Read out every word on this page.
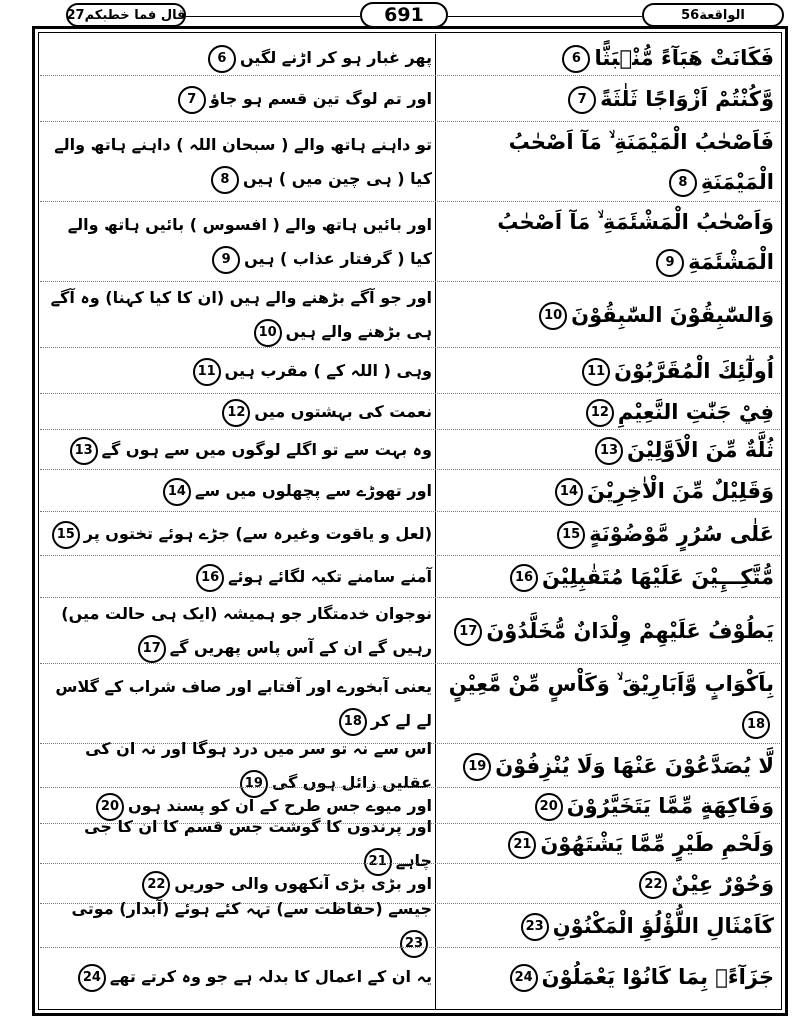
قال فما خطبكم27	691	الواقعة56
فَكَانَتْ هَبَآءً مُّنْۢبَثًّا6
پھر غبار ہو کر اڑنے لگیں6
وَّكُنْتُمْ اَزْوَاجًا ثَلٰثَةً7
اور تم لوگ تین قسم ہو جاؤ7
فَاَصْحٰبُ الْمَيْمَنَةِ ۙ مَآ اَصْحٰبُ الْمَيْمَنَةِ8
تو داہنے ہاتھ والے ( سبحان اللہ ) داہنے ہاتھ والے کیا ( ہی چین میں ) ہیں8
وَاَصْحٰبُ الْمَشْئَمَةِ ۙ مَآ اَصْحٰبُ الْمَشْئَمَةِ9
اور بائیں ہاتھ والے ( افسوس ) بائیں ہاتھ والے کیا ( گرفتار عذاب ) ہیں9
وَالسّٰبِقُوْنَ السّٰبِقُوْنَ10
اور جو آگے بڑھنے والے ہیں (ان کا کیا کہنا) وہ آگے ہی بڑھنے والے ہیں10
اُولٰٓئِكَ الْمُقَرَّبُوْنَ11
وہی ( اللہ کے ) مقرب ہیں11
فِيْ جَنّٰتِ النَّعِيْمِ12
نعمت کی بہشتوں میں12
ثُلَّةٌ مِّنَ الْاَوَّلِيْنَ13
وہ بہت سے تو اگلے لوگوں میں سے ہوں گے13
وَقَلِيْلٌ مِّنَ الْاٰخِرِيْنَ14
اور تھوڑے سے پچھلوں میں سے14
عَلٰى سُرُرٍ مَّوْضُوْنَةٍ15
(لعل و یاقوت وغیرہ سے) جڑے ہوئے تختوں پر15
مُّتَّكِـــِٕيْنَ عَلَيْهَا مُتَقٰبِلِيْنَ16
آمنے سامنے تکیہ لگائے ہوئے16
يَطُوْفُ عَلَيْهِمْ وِلْدَانٌ مُّخَلَّدُوْنَ17
نوجوان خدمتگار جو ہمیشہ (ایک ہی حالت میں) رہیں گے ان کے آس پاس پھریں گے17
بِاَكْوَابٍ وَّاَبَارِيْقَ ۙ وَكَاْسٍ مِّنْ مَّعِيْنٍ18
یعنی آبخورے اور آفتابے اور صاف شراب کے گلاس لے لے کر18
لَّا يُصَدَّعُوْنَ عَنْهَا وَلَا يُنْزِفُوْنَ19
اس سے نہ تو سر میں درد ہوگا اور نہ ان کی عقلیں زائل ہوں گی19
وَفَاكِهَةٍ مِّمَّا يَتَخَيَّرُوْنَ20
اور میوے جس طرح کے ان کو پسند ہوں20
وَلَحْمِ طَيْرٍ مِّمَّا يَشْتَهُوْنَ21
اور پرندوں کا گوشت جس قسم کا ان کا جی چاہے21
وَحُوْرٌ عِيْنٌ22
اور بڑی بڑی آنکھوں والی حوریں22
كَاَمْثَالِ اللُّؤْلُؤِ الْمَكْنُوْنِ23
جیسے (حفاظت سے) تہہ کئے ہوئے (آبدار) موتی23
جَزَآءًۢ بِمَا كَانُوْا يَعْمَلُوْنَ24
یہ ان کے اعمال کا بدلہ ہے جو وہ کرتے تھے24
